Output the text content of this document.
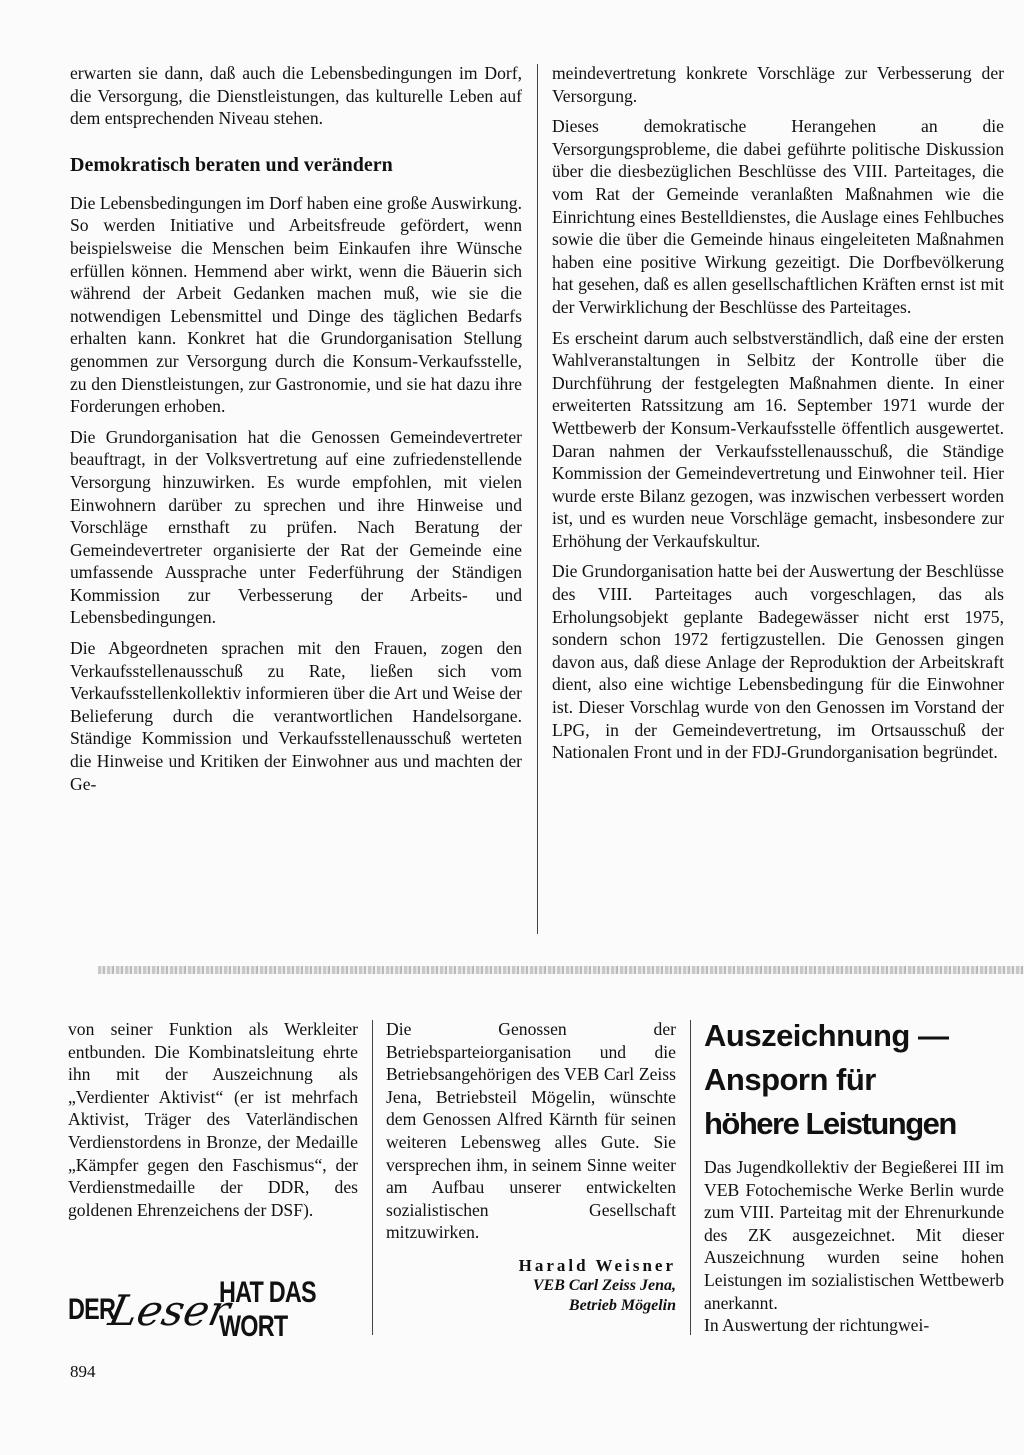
erwarten sie dann, daß auch die Lebensbedingungen im Dorf, die Versorgung, die Dienstleistungen, das kulturelle Leben auf dem entsprechenden Niveau stehen.

Demokratisch beraten und verändern

Die Lebensbedingungen im Dorf haben eine große Auswirkung. So werden Initiative und Arbeitsfreude gefördert, wenn beispielsweise die Menschen beim Einkaufen ihre Wünsche erfüllen können. Hemmend aber wirkt, wenn die Bäuerin sich während der Arbeit Gedanken machen muß, wie sie die notwendigen Lebensmittel und Dinge des täglichen Bedarfs erhalten kann. Konkret hat die Grundorganisation Stellung genommen zur Versorgung durch die Konsum-Verkaufsstelle, zu den Dienstleistungen, zur Gastronomie, und sie hat dazu ihre Forderungen erhoben.

Die Grundorganisation hat die Genossen Gemeindevertreter beauftragt, in der Volksvertretung auf eine zufriedenstellende Versorgung hinzuwirken. Es wurde empfohlen, mit vielen Einwohnern darüber zu sprechen und ihre Hinweise und Vorschläge ernsthaft zu prüfen. Nach Beratung der Gemeindevertreter organisierte der Rat der Gemeinde eine umfassende Aussprache unter Federführung der Ständigen Kommission zur Verbesserung der Arbeits- und Lebensbedingungen.

Die Abgeordneten sprachen mit den Frauen, zogen den Verkaufsstellenausschuß zu Rate, ließen sich vom Verkaufsstellenkollektiv informieren über die Art und Weise der Belieferung durch die verantwortlichen Handelsorgane. Ständige Kommission und Verkaufsstellenausschuß werteten die Hinweise und Kritiken der Einwohner aus und machten der Ge-

meindevertretung konkrete Vorschläge zur Verbesserung der Versorgung.

Dieses demokratische Herangehen an die Versorgungsprobleme, die dabei geführte politische Diskussion über die diesbezüglichen Beschlüsse des VIII. Parteitages, die vom Rat der Gemeinde veranlaßten Maßnahmen wie die Einrichtung eines Bestelldienstes, die Auslage eines Fehlbuches sowie die über die Gemeinde hinaus eingeleiteten Maßnahmen haben eine positive Wirkung gezeitigt. Die Dorfbevölkerung hat gesehen, daß es allen gesellschaftlichen Kräften ernst ist mit der Verwirklichung der Beschlüsse des Parteitages.

Es erscheint darum auch selbstverständlich, daß eine der ersten Wahlveranstaltungen in Selbitz der Kontrolle über die Durchführung der festgelegten Maßnahmen diente. In einer erweiterten Ratssitzung am 16. September 1971 wurde der Wettbewerb der Konsum-Verkaufsstelle öffentlich ausgewertet. Daran nahmen der Verkaufsstellenausschuß, die Ständige Kommission der Gemeindevertretung und Einwohner teil. Hier wurde erste Bilanz gezogen, was inzwischen verbessert worden ist, und es wurden neue Vorschläge gemacht, insbesondere zur Erhöhung der Verkaufskultur.

Die Grundorganisation hatte bei der Auswertung der Beschlüsse des VIII. Parteitages auch vorgeschlagen, das als Erholungsobjekt geplante Badegewässer nicht erst 1975, sondern schon 1972 fertigzustellen. Die Genossen gingen davon aus, daß diese Anlage der Reproduktion der Arbeitskraft dient, also eine wichtige Lebensbedingung für die Einwohner ist. Dieser Vorschlag wurde von den Genossen im Vorstand der LPG, in der Gemeindevertretung, im Ortsausschuß der Nationalen Front und in der FDJ-Grundorganisation begründet.

von seiner Funktion als Werkleiter entbunden. Die Kombinatsleitung ehrte ihn mit der Auszeichnung als „Verdienter Aktivist“ (er ist mehrfach Aktivist, Träger des Vaterländischen Verdienstordens in Bronze, der Medaille „Kämpfer gegen den Faschismus“, der Verdienstmedaille der DDR, des goldenen Ehrenzeichens der DSF).

Die Genossen der Betriebsparteiorganisation und die Betriebsangehörigen des VEB Carl Zeiss Jena, Betriebsteil Mögelin, wünschte dem Genossen Alfred Kärnth für seinen weiteren Lebensweg alles Gute. Sie versprechen ihm, in seinem Sinne weiter am Aufbau unserer entwickelten sozialistischen Gesellschaft mitzuwirken.

Harald Weisner
VEB Carl Zeiss Jena,
Betrieb Mögelin
Auszeichnung —
Ansporn für
höhere Leistungen

Das Jugendkollektiv der Begießerei III im VEB Fotochemische Werke Berlin wurde zum VIII. Parteitag mit der Ehrenurkunde des ZK ausgezeichnet. Mit dieser Auszeichnung wurden seine hohen Leistungen im sozialistischen Wettbewerb anerkannt.

In Auswertung der richtungwei-

DER
Leser
HAT DAS WORT
894
